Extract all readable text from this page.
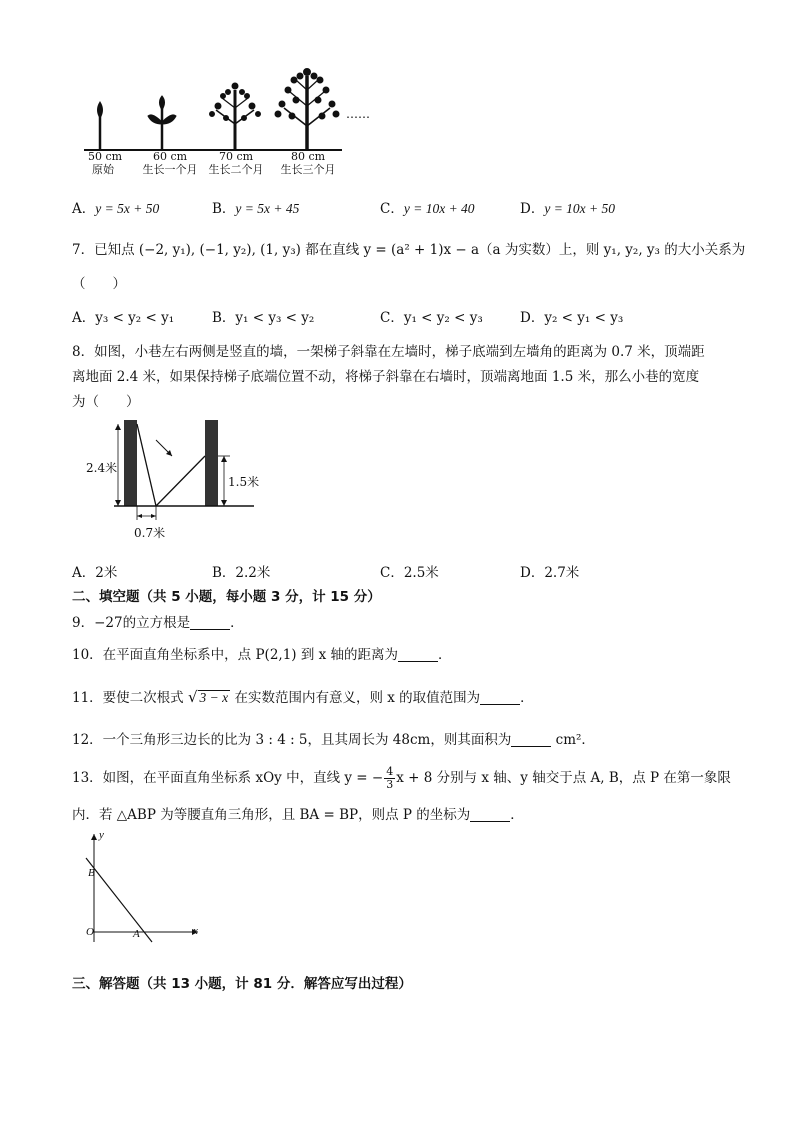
……
50 cm
原始
60 cm
生长一个月
70 cm
生长二个月
80 cm
生长三个月
A．y = 5x + 50	B．y = 5x + 45	C．y = 10x + 40	D．y = 10x + 50
7．已知点 (−2, y₁), (−1, y₂), (1, y₃) 都在直线 y = (a² + 1)x − a（a 为实数）上，则 y₁, y₂, y₃ 的大小关系为
（　　）
A．y₃ < y₂ < y₁	B．y₁ < y₃ < y₂	C．y₁ < y₂ < y₃	D．y₂ < y₁ < y₃
8．如图，小巷左右两侧是竖直的墙，一架梯子斜靠在左墙时，梯子底端到左墙角的距离为 0.7 米，顶端距
离地面 2.4 米，如果保持梯子底端位置不动，将梯子斜靠在右墙时，顶端离地面 1.5 米，那么小巷的宽度
为（　　）
2.4米
1.5米
0.7米
A．2米	B．2.2米	C．2.5米	D．2.7米
二、填空题（共 5 小题，每小题 3 分，计 15 分）
9．−27的立方根是	．
10．在平面直角坐标系中，点 P(2,1) 到 x 轴的距离为	．
11．要使二次根式 √ 3 − x 在实数范围内有意义，则 x 的取值范围为	．
12．一个三角形三边长的比为 3 : 4 : 5，且其周长为 48cm，则其面积为	cm²．
13．如图，在平面直角坐标系 xOy 中，直线 y = − $\frac{4}{3}$ x + 8 分别与 x 轴、y 轴交于点 A, B，点 P 在第一象限
内．若 △ABP 为等腰直角三角形，且 BA = BP，则点 P 的坐标为	．
y
x
O	A
B
三、解答题（共 13 小题，计 81 分．解答应写出过程）
